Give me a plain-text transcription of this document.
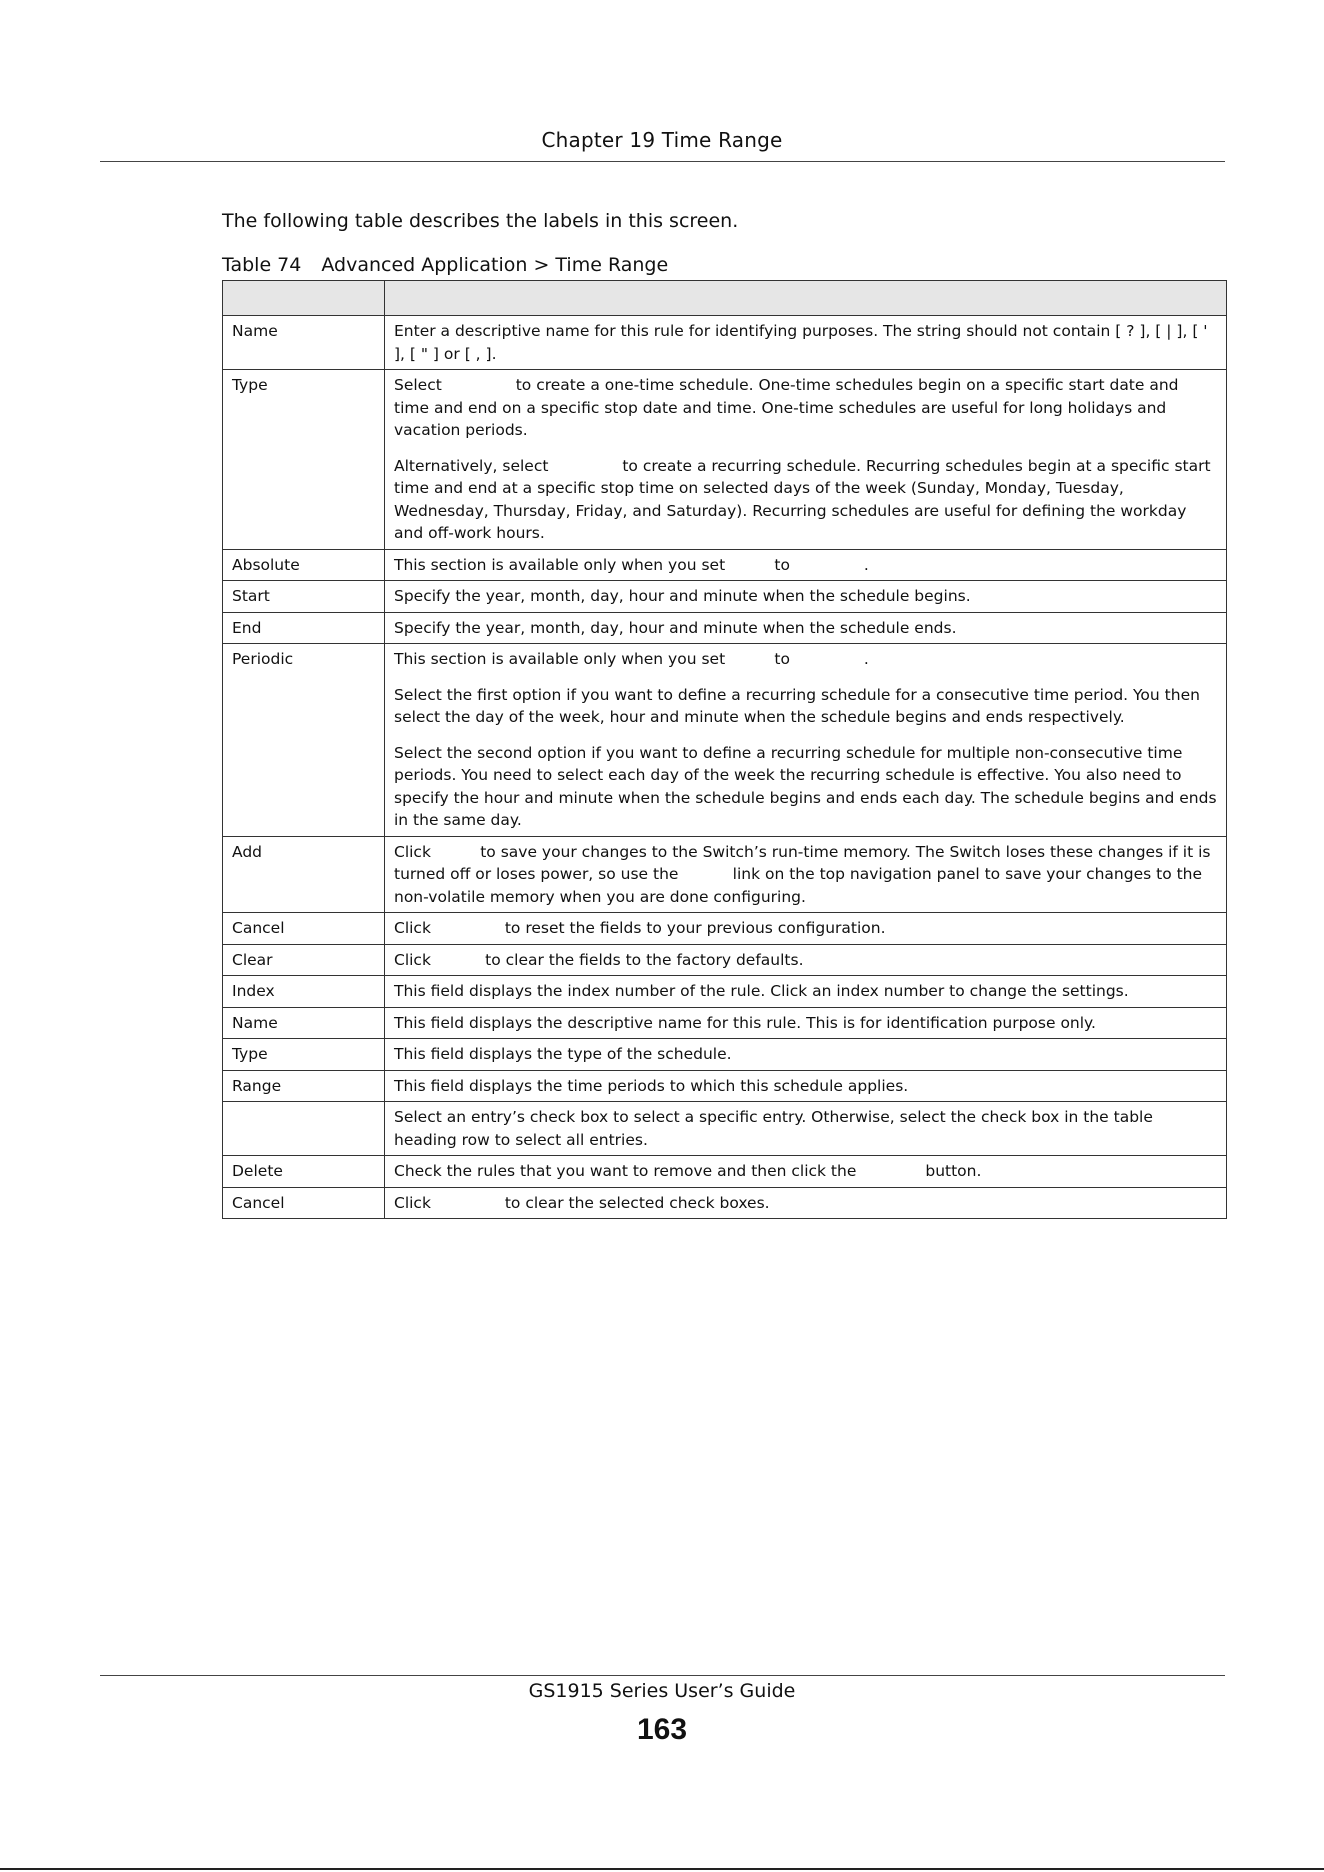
Chapter 19 Time Range
The following table describes the labels in this screen.
Table 74 Advanced Application > Time Range

Name	Enter a descriptive name for this rule for identifying purposes. The string should not contain [ ? ], [ | ], [ ' ], [ " ] or [ , ].

Type	Select               to create a one-time schedule. One-time schedules begin on a specific start date and time and end on a specific stop date and time. One-time schedules are useful for long holidays and vacation periods.
Alternatively, select               to create a recurring schedule. Recurring schedules begin at a specific start time and end at a specific stop time on selected days of the week (Sunday, Monday, Tuesday, Wednesday, Thursday, Friday, and Saturday). Recurring schedules are useful for defining the workday and off-work hours.

Absolute	This section is available only when you set          to               .

Start	Specify the year, month, day, hour and minute when the schedule begins.

End	Specify the year, month, day, hour and minute when the schedule ends.

Periodic	This section is available only when you set          to               .
Select the first option if you want to define a recurring schedule for a consecutive time period. You then select the day of the week, hour and minute when the schedule begins and ends respectively.
Select the second option if you want to define a recurring schedule for multiple non-consecutive time periods. You need to select each day of the week the recurring schedule is effective. You also need to specify the hour and minute when the schedule begins and ends each day. The schedule begins and ends in the same day.

Add	Click          to save your changes to the Switch’s run-time memory. The Switch loses these changes if it is turned off or loses power, so use the           link on the top navigation panel to save your changes to the non-volatile memory when you are done configuring.

Cancel	Click               to reset the fields to your previous configuration.

Clear	Click           to clear the fields to the factory defaults.

Index	This field displays the index number of the rule. Click an index number to change the settings.

Name	This field displays the descriptive name for this rule. This is for identification purpose only.

Type	This field displays the type of the schedule.

Range	This field displays the time periods to which this schedule applies.

	Select an entry’s check box to select a specific entry. Otherwise, select the check box in the table heading row to select all entries.

Delete	Check the rules that you want to remove and then click the              button.

Cancel	Click               to clear the selected check boxes.
GS1915 Series User’s Guide
163
